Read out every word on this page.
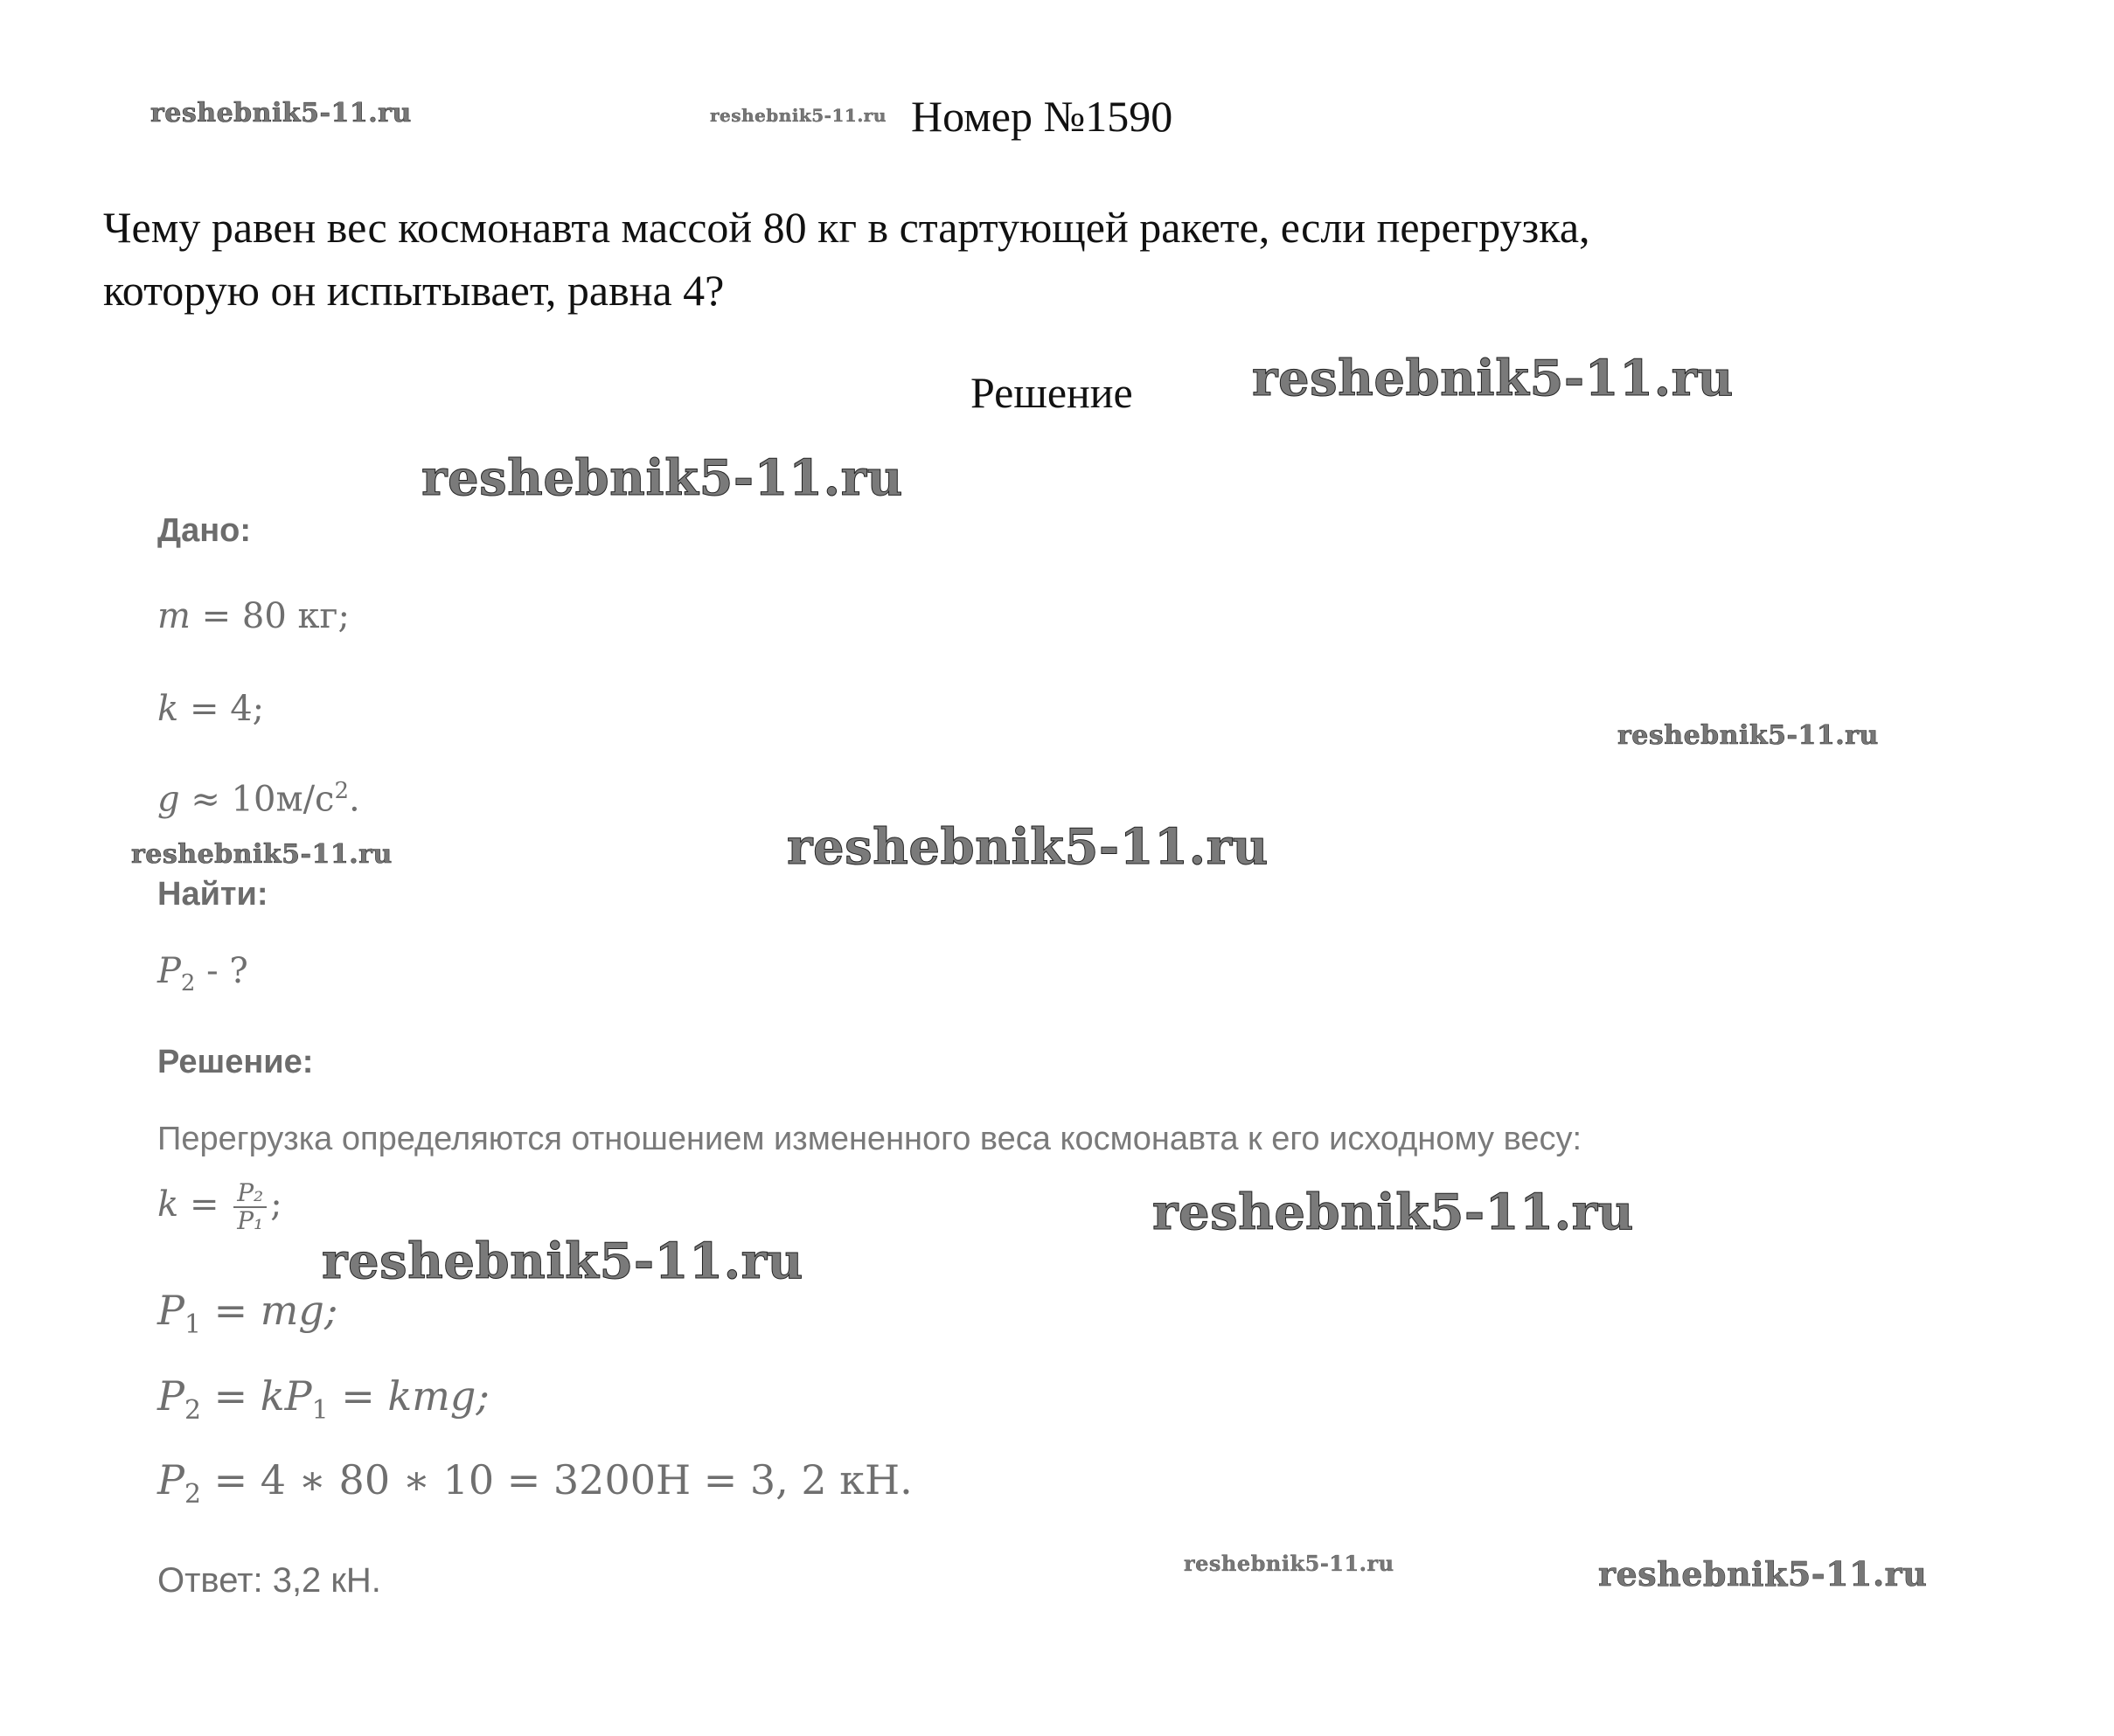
reshebnik5-11.ru	reshebnik5-11.ru Номер №1590
Чему равен вес космонавта массой 80 кг в стартующей ракете, если перегрузка,
которую он испытывает, равна 4?
Решение reshebnik5-11.ru
reshebnik5-11.ru
Дано:
m = 80 кг;
k = 4;
reshebnik5-11.ru
$g \approx 10м/с^2$.
reshebnik5-11.ru	reshebnik5-11.ru
Найти:
$P_2$ - ?
Решение:
Перегрузка определяются отношением измененного веса космонавта к его исходному весу:
$k = \frac{\text{P₂}}{\text{P₁}}$ ;	reshebnik5-11.ru
reshebnik5-11.ru
$P_1$ = mg;
$P_2 = kP_1$ = kmg;
$P_2 = 4$ ∗ 80 ∗ 10 = 3200Н = 3, 2 кН.
Ответ: 3,2 кН.	reshebnik5-11.ru	reshebnik5-11.ru
